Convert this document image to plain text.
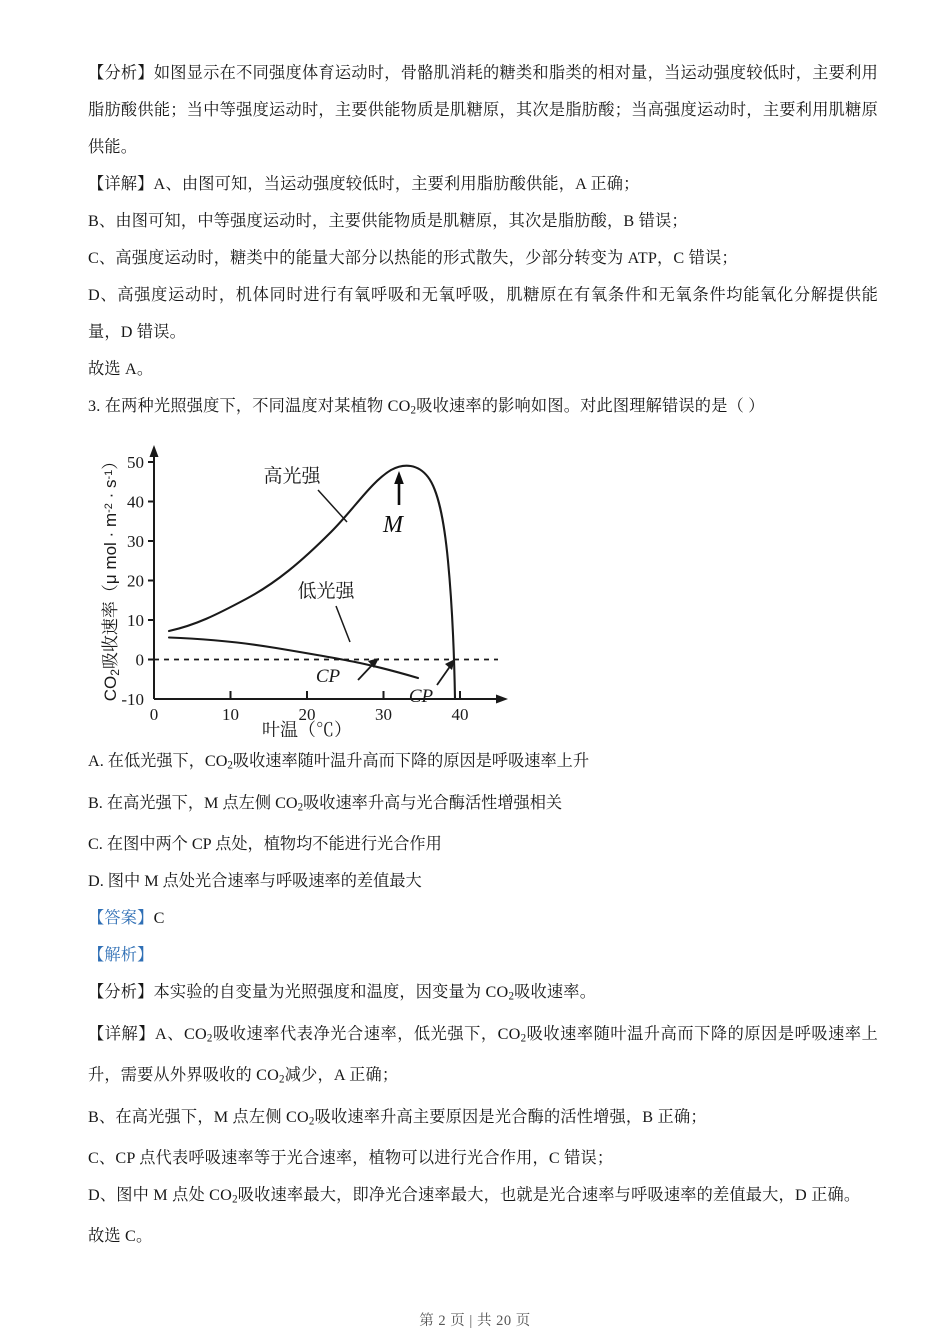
【分析】如图显示在不同强度体育运动时，骨骼肌消耗的糖类和脂类的相对量，当运动强度较低时，主要利用脂肪酸供能；当中等强度运动时，主要供能物质是肌糖原，其次是脂肪酸；当高强度运动时，主要利用肌糖原供能。

【详解】A、由图可知，当运动强度较低时，主要利用脂肪酸供能，A 正确；

B、由图可知，中等强度运动时，主要供能物质是肌糖原，其次是脂肪酸，B 错误；

C、高强度运动时，糖类中的能量大部分以热能的形式散失，少部分转变为 ATP，C 错误；

D、高强度运动时，机体同时进行有氧呼吸和无氧呼吸，肌糖原在有氧条件和无氧条件均能氧化分解提供能量，D 错误。

故选 A。

3. 在两种光照强度下，不同温度对某植物 $CO_2$吸收速率的影响如图。对此图理解错误的是（ ）

50
40
30
20
10
0
-10
0	10	20	30	40
M
高光强
低光强
CP
CP
叶温（℃）
CO2吸收速率（μ mol · m-2 · s-1）

A. 在低光强下，$CO_2$吸收速率随叶温升高而下降的原因是呼吸速率上升

B. 在高光强下，M 点左侧 $CO_2$吸收速率升高与光合酶活性增强相关

C. 在图中两个 CP 点处，植物均不能进行光合作用

D. 图中 M 点处光合速率与呼吸速率的差值最大

【答案】C

【解析】

【分析】本实验的自变量为光照强度和温度，因变量为 $CO_2$吸收速率。

【详解】A、$CO_2$吸收速率代表净光合速率，低光强下，$CO_2$吸收速率随叶温升高而下降的原因是呼吸速率上升，需要从外界吸收的 $CO_2$减少，A 正确；

B、在高光强下，M 点左侧 $CO_2$吸收速率升高主要原因是光合酶的活性增强，B 正确；

C、CP 点代表呼吸速率等于光合速率，植物可以进行光合作用，C 错误；

D、图中 M 点处 $CO_2$吸收速率最大，即净光合速率最大，也就是光合速率与呼吸速率的差值最大，D 正确。

故选 C。

第 2 页 | 共 20 页
